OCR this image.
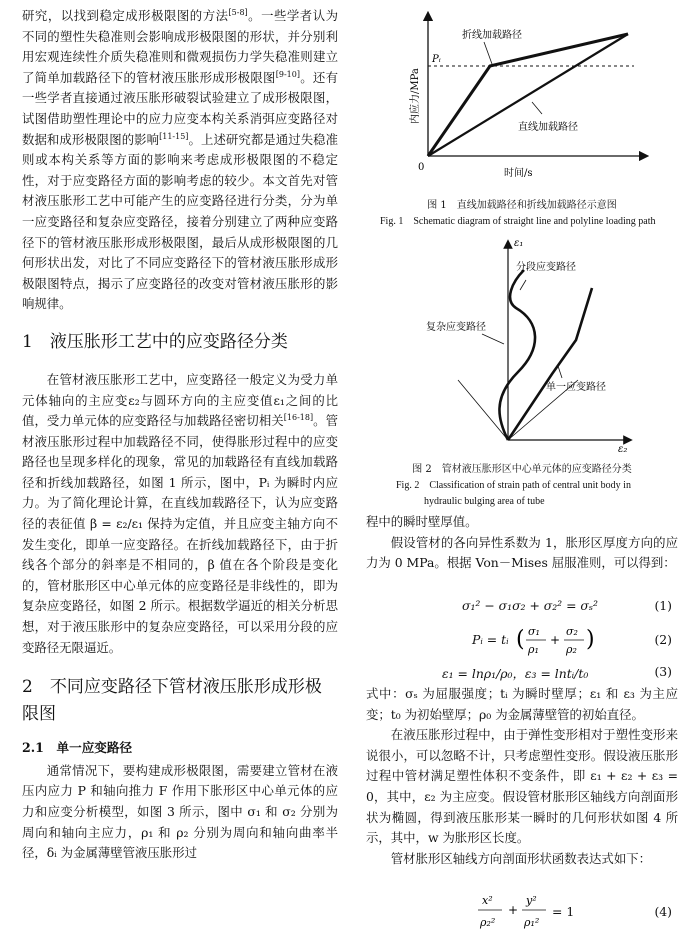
研究，以找到稳定成形极限图的方法[5-8]。一些学者认为不同的塑性失稳准则会影响成形极限图的形状，并分别利用宏观连续性介质失稳准则和微观损伤力学失稳准则建立了简单加载路径下的管材液压胀形成形极限图[9-10]。还有一些学者直接通过液压胀形破裂试验建立了成形极限图，试图借助塑性理论中的应力应变本构关系消弭应变路径对数据和成形极限图的影响[11-15]。上述研究都是通过失稳准则或本构关系等方面的影响来考虑成形极限图的不稳定性，对于应变路径方面的影响考虑的较少。本文首先对管材液压胀形工艺中可能产生的应变路径进行分类，分为单一应变路径和复杂应变路径，接着分别建立了两种应变路径下的管材液压胀形成形极限图，最后从成形极限图的几何形状出发，对比了不同应变路径下的管材液压胀形成形极限图特点，揭示了应变路径的改变对管材液压胀形的影响规律。

1　液压胀形工艺中的应变路径分类

在管材液压胀形工艺中，应变路径一般定义为受力单元体轴向的主应变ε₂与圆环方向的主应变值ε₁之间的比值，受力单元体的应变路径与加载路径密切相关[16-18]。管材液压胀形过程中加载路径不同，使得胀形过程中的应变路径也呈现多样化的现象，常见的加载路径有直线加载路径和折线加载路径，如图 1 所示，图中，Pᵢ 为瞬时内应力。为了简化理论计算，在直线加载路径下，认为应变路径的表征值 β = ε₂/ε₁ 保持为定值，并且应变主轴方向不发生变化，即单一应变路径。在折线加载路径下，由于折线各个部分的斜率是不相同的，β 值在各个阶段是变化的，管材胀形区中心单元体的应变路径是非线性的，即为复杂应变路径，如图 2 所示。根据数学逼近的相关分析思想，对于液压胀形中的复杂应变路径，可以采用分段的应变路径无限逼近。

2　不同应变路径下管材液压胀形成形极限图
2.1　单一应变路径

通常情况下，要构建成形极限图，需要建立管材在液压内应力 P 和轴向推力 F 作用下胀形区中心单元体的应力和应变分析模型，如图 3 所示，图中 σ₁ 和 σ₂ 分别为周向和轴向主应力，ρ₁ 和 ρ₂ 分别为周向和轴向曲率半径，δᵢ 为金属薄壁管液压胀形过

折线加载路径
直线加载路径
Pᵢ
0
时间/s
内应力/MPa
图 1　直线加载路径和折线加载路径示意图
Fig. 1　Schematic diagram of straight line and polyline loading path
分段应变路径
复杂应变路径
单一应变路径
ε₁
ε₂
图 2　管材液压胀形区中心单元体的应变路径分类
Fig. 2　Classification of strain path of central unit body in
hydraulic bulging area of tube

程中的瞬时壁厚值。

假设管材的各向异性系数为 1，胀形区厚度方向的应力为 0 MPa。根据 Von－Mises 屈服准则，可以得到：

σ₁² − σ₁σ₂ + σ₂² = σₛ²	(1)
Pᵢ = tᵢ ( σ₁
ρ₁
+
σ₂
ρ₂ )	(2)
ε₁ = lnρ₁/ρ₀，ε₃ = lntᵢ/t₀	(3)

式中：σₛ 为屈服强度；tᵢ 为瞬时壁厚；ε₁ 和 ε₃ 为主应变；t₀ 为初始壁厚；ρ₀ 为金属薄壁管的初始直径。

在液压胀形过程中，由于弹性变形相对于塑性变形来说很小，可以忽略不计，只考虑塑性变形。假设液压胀形过程中管材满足塑性体积不变条件，即 ε₁ + ε₂ + ε₃ = 0，其中，ε₂ 为主应变。假设管材胀形区轴线方向剖面形状为椭圆，得到液压胀形某一瞬时的几何形状如图 4 所示，其中，w 为胀形区长度。

管材胀形区轴线方向剖面形状函数表达式如下：

x²
ρ₂²
+
y²
ρ₁²
= 1	(4)
